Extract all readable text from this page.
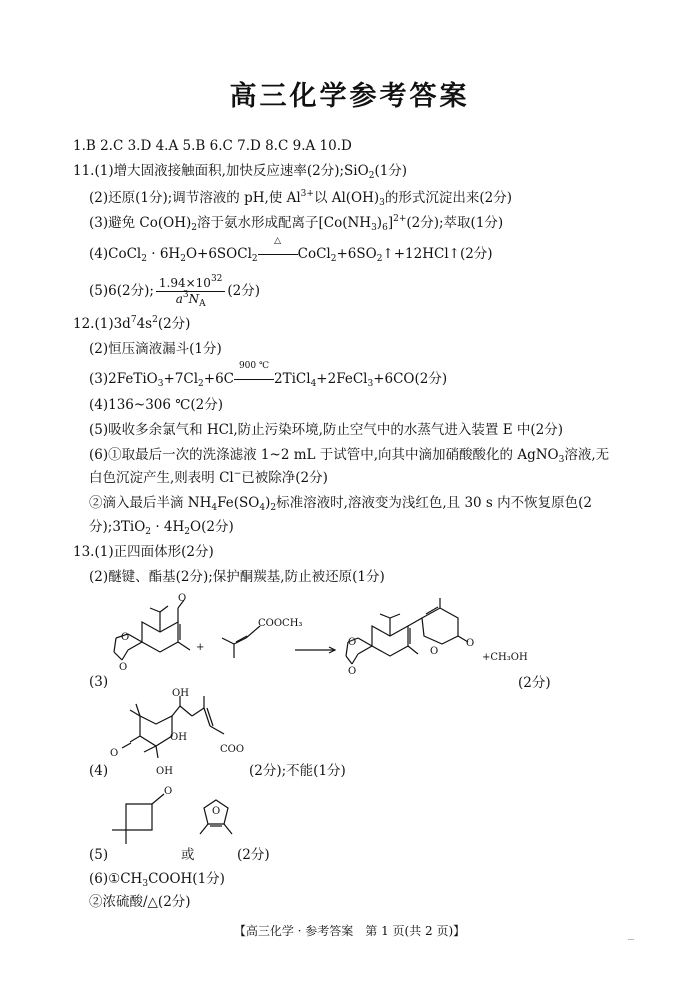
高三化学参考答案
1.B 2.C 3.D 4.A 5.B 6.C 7.D 8.C 9.A 10.D
11.(1)增大固液接触面积,加快反应速率(2分);SiO$_2$(1分)
(2)还原(1分);调节溶液的 pH,使 $Al^{3+}$以 $Al(OH)_3$的形式沉淀出来(2分)
(3)避免 $Co(OH)_2$溶于氨水形成配离子$[Co(NH_3)_6]^{2+}(2$分);萃取(1分)
(4)CoCl$_2$ · $6H_2O+6SOCl_2$
△
$CoCl_2+6SO_2↑+12HCl↑(2$分)
(5)6(2分); $\frac{1.94\times 10^{32}}{a^3N_A} (2$分)
$12.(1)3d^74s^2(2$分)
(2)恒压滴液漏斗(1分)
$(3)2FeTiO_3+7Cl_2+6C$
900 ℃
2TiCl$_4$+2FeCl$_3$+6CO(2分)
(4)136~306 ℃(2分)
(5)吸收多余氯气和 HCl,防止污染环境,防止空气中的水蒸气进入装置 E 中(2分)
(6)①取最后一次的洗涤滤液 1~2 mL 于试管中,向其中滴加硝酸酸化的 AgNO$_3$溶液,无
白色沉淀产生,则表明 Cl−已被除净(2分)
②滴入最后半滴 $NH_4Fe(SO_4)_2$标准溶液时,溶液变为浅红色,且 30 s 内不恢复原色(2
分);3TiO$_2$ · $4H_2O(2$分)
13.(1)正四面体形(2分)
(2)醚键、酯基(2分);保护酮羰基,防止被还原(1分)
(3)
O
O
O
+
COOCH₃
O
O
O
O
+CH₃OH
(2分)
(4)
O
OH
COO
OH
OH	(2分);不能(1分)
(5)
O
O
或	(2分)
$(6)①CH_3COOH(1$分)
②浓硫酸/△(2分)
【高三化学 · 参考答案　第 1 页(共 2 页)】	﹍
